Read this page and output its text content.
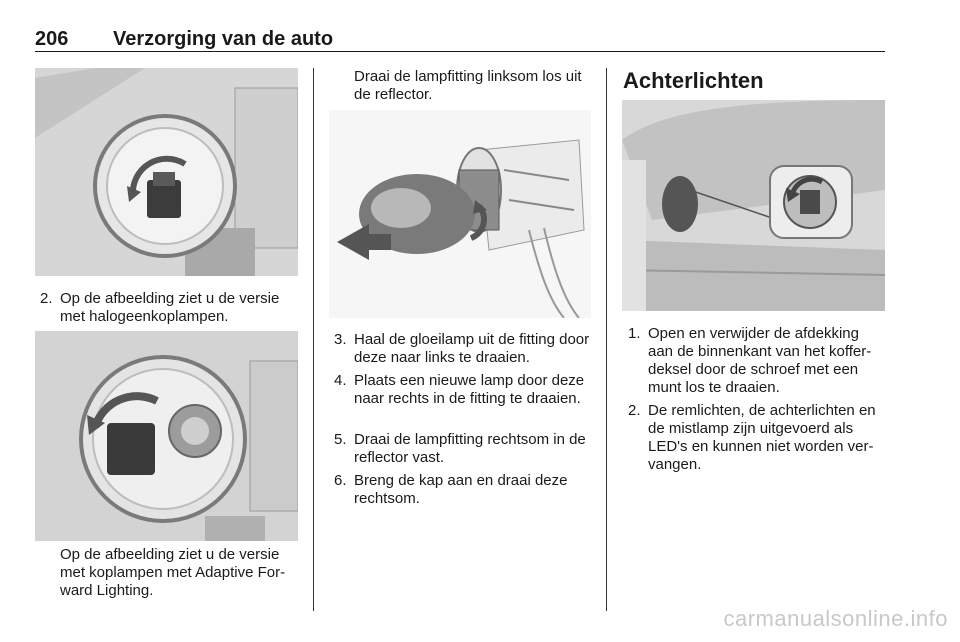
206 Verzorging van de auto
2. Op de afbeelding ziet u de versie met halogeenkoplampen.
Op de afbeelding ziet u de versie met koplampen met Adaptive For-ward Lighting.
Draai de lampfitting linksom los uit de reflector.
3. Haal de gloeilamp uit de fitting door deze naar links te draaien.
4. Plaats een nieuwe lamp door deze naar rechts in de fitting te draaien.
5. Draai de lampfitting rechtsom in de reflector vast.
6. Breng de kap aan en draai deze rechtsom.
Achterlichten
1. Open en verwijder de afdekking aan de binnenkant van het koffer-deksel door de schroef met een munt los te draaien.
2. De remlichten, de achterlichten en de mistlamp zijn uitgevoerd als LED's en kunnen niet worden ver-vangen.
carmanualsonline.info
